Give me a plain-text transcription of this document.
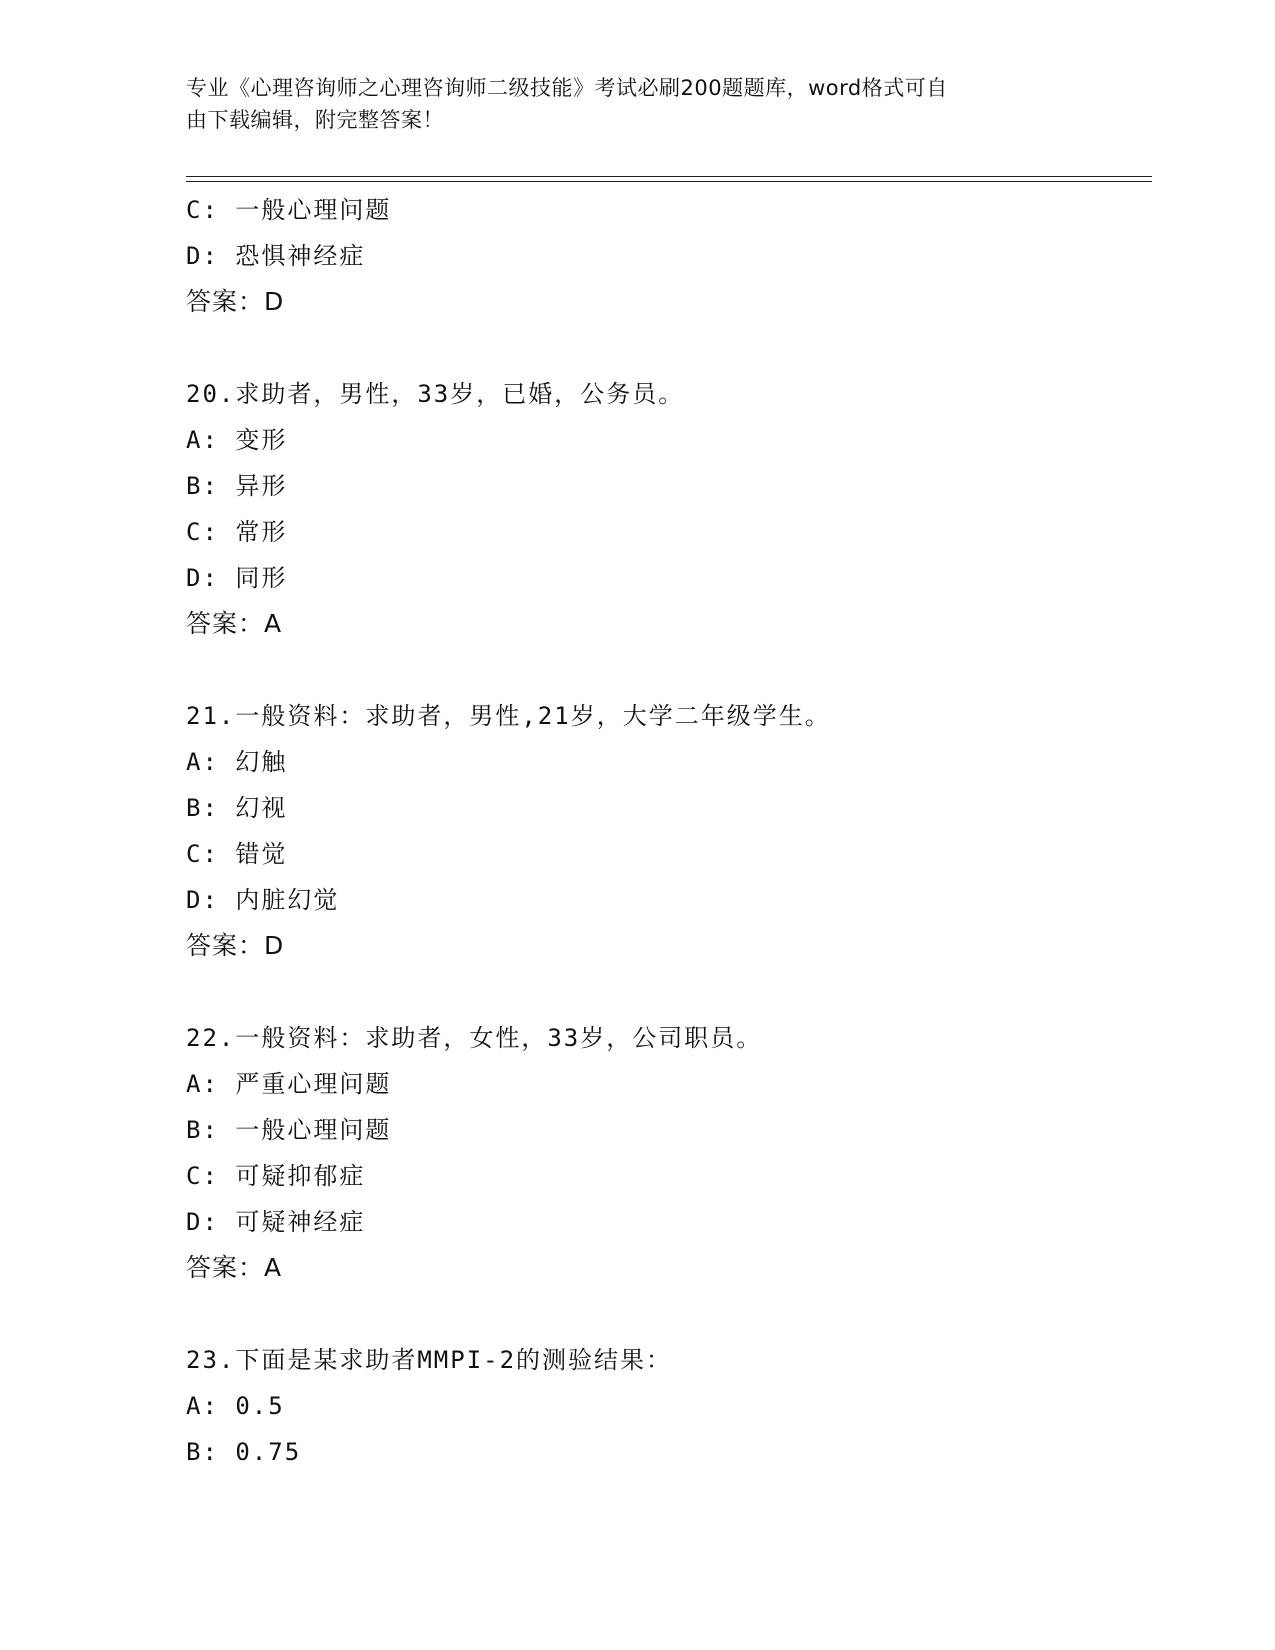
专业《心理咨询师之心理咨询师二级技能》考试必刷200题题库，word格式可自
由下载编辑，附完整答案！
C: 一般心理问题
D: 恐惧神经症
答案：D
20.求助者，男性，33岁，已婚，公务员。
A: 变形
B: 异形
C: 常形
D: 同形
答案：A
21.一般资料：求助者，男性,21岁，大学二年级学生。
A: 幻触
B: 幻视
C: 错觉
D: 内脏幻觉
答案：D
22.一般资料：求助者，女性，33岁，公司职员。
A: 严重心理问题
B: 一般心理问题
C: 可疑抑郁症
D: 可疑神经症
答案：A
23.下面是某求助者MMPI-2的测验结果：
A: 0.5
B: 0.75
